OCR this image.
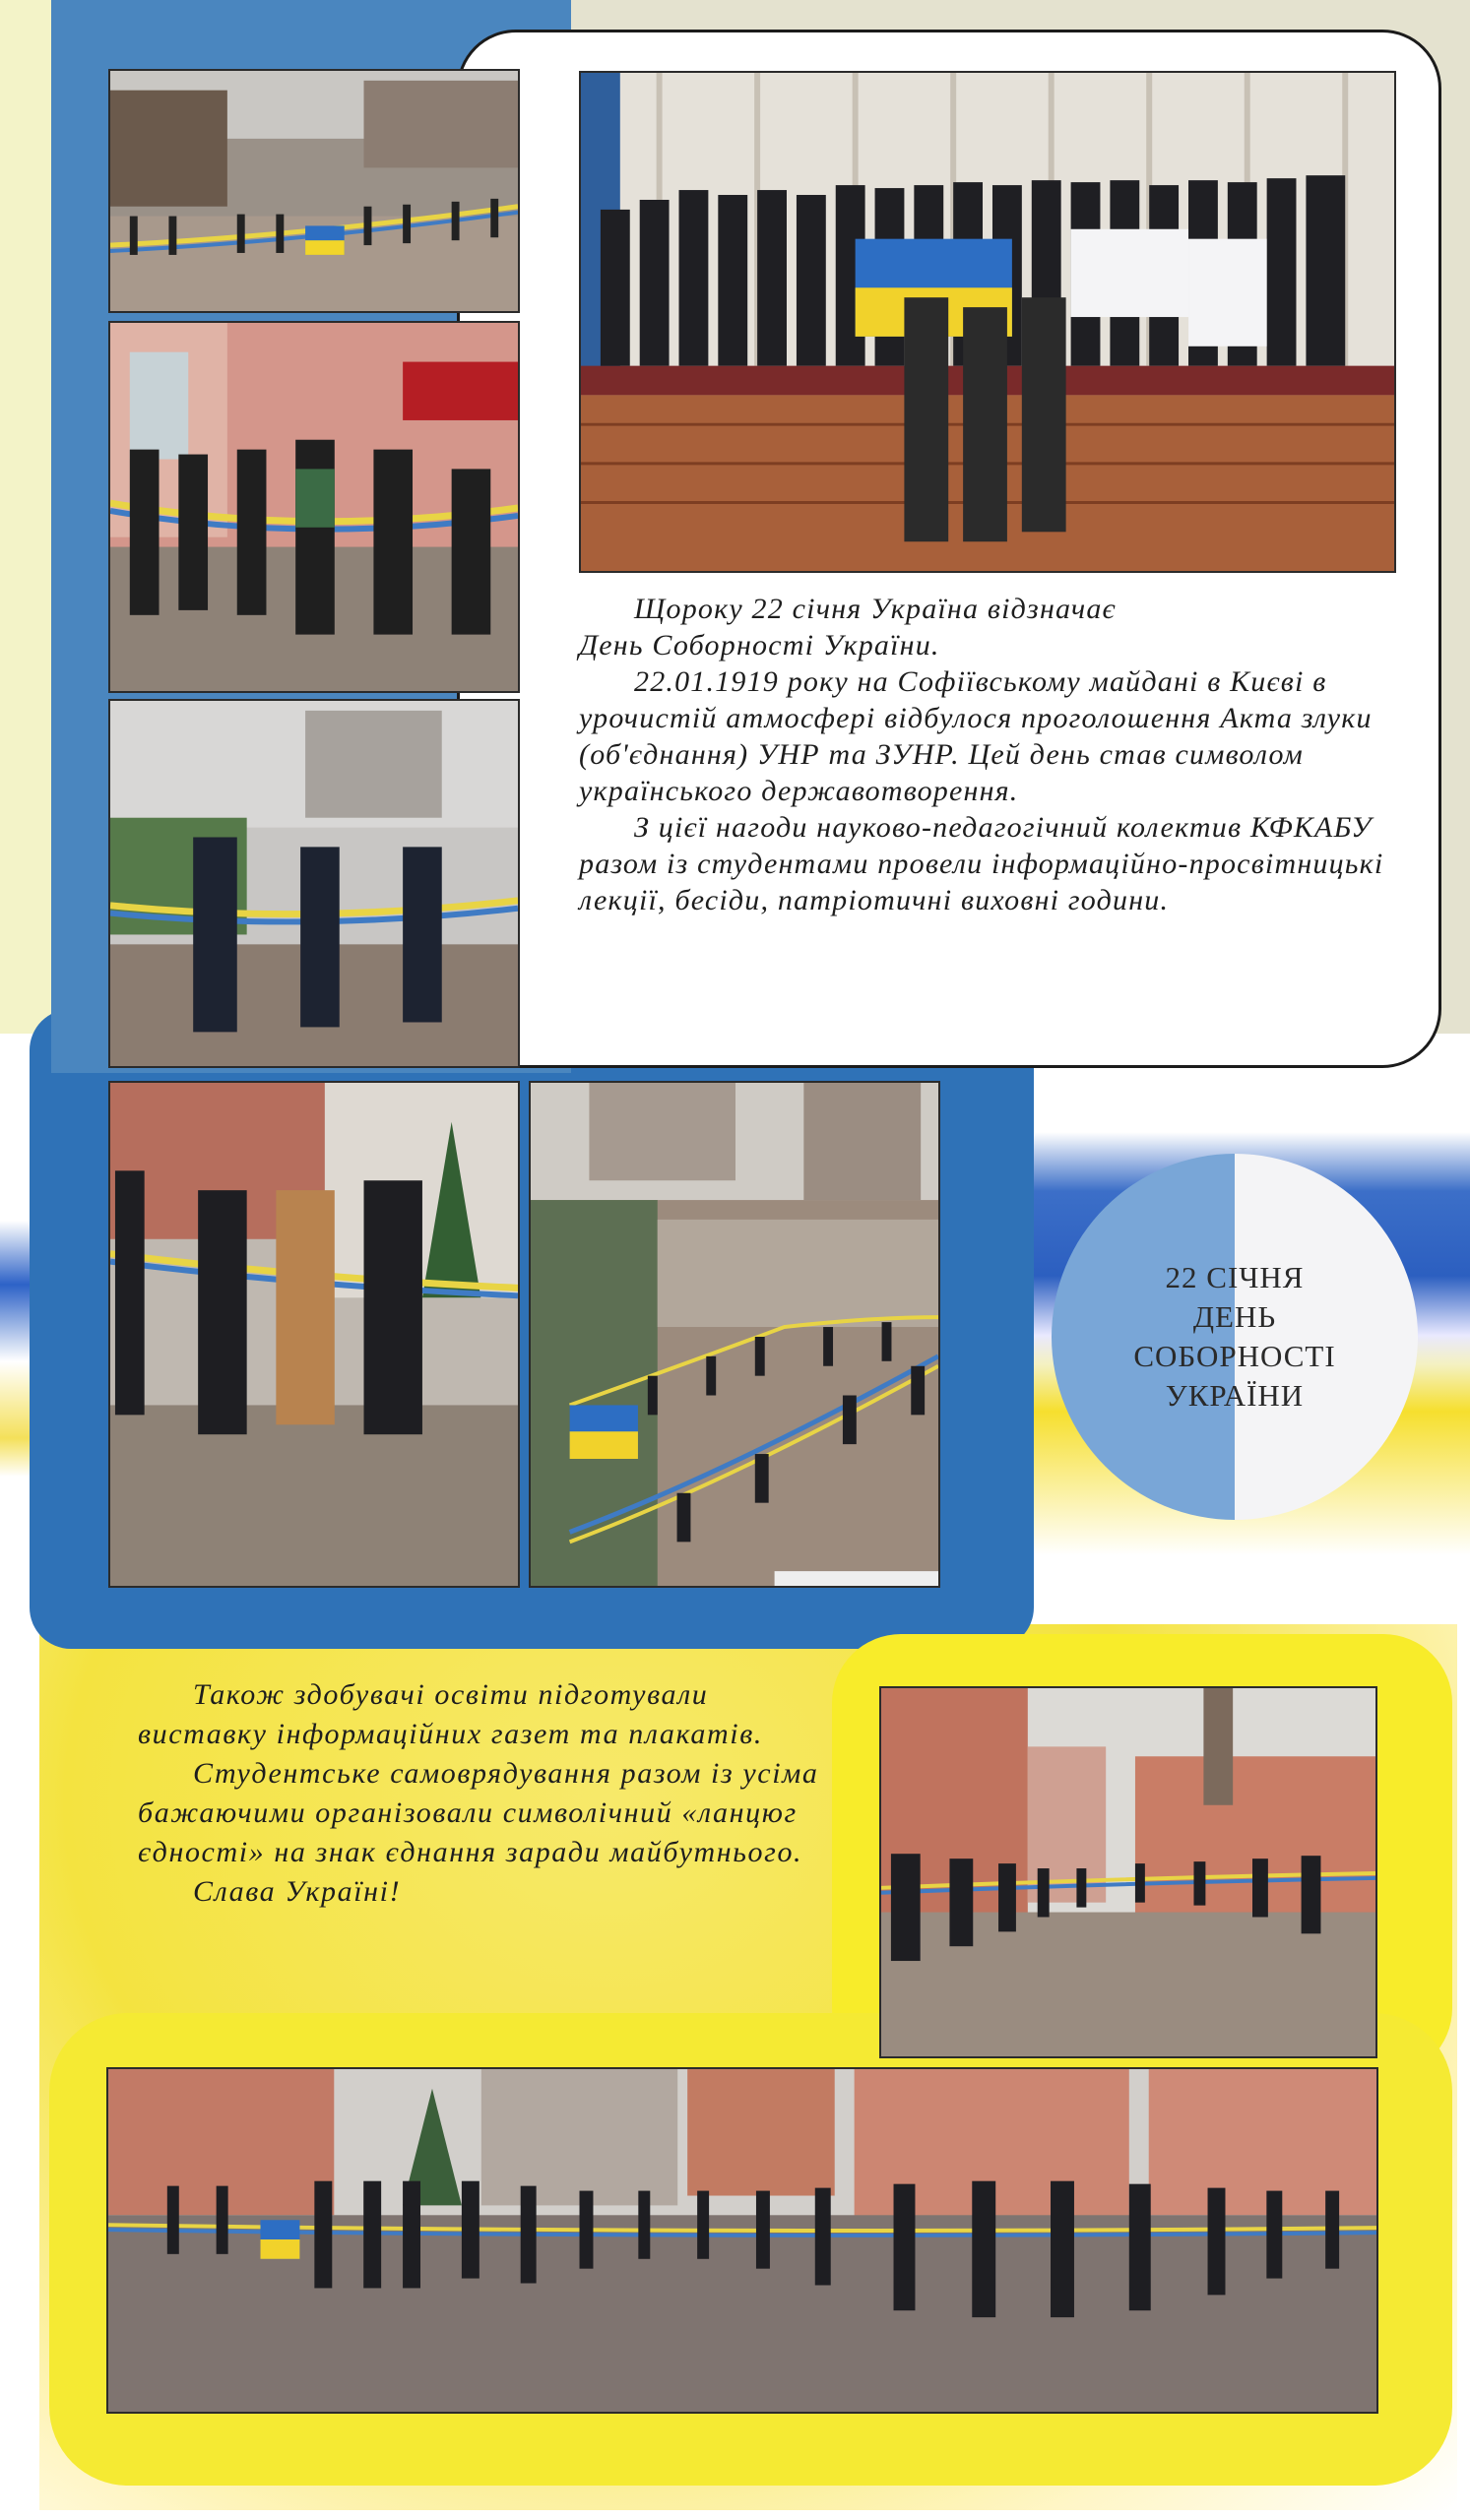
Щороку 22 січня Україна відзначає

День Соборності України.

22.01.1919 року на Софіївському майдані в Києві в урочистій атмосфері відбулося проголошення Акта злуки (об'єднання) УНР та ЗУНР. Цей день став символом українського державотворення.

З цієї нагоди науково-педагогічний колектив КФКАБУ разом із студентами провели інформаційно-просвітницькі лекції, бесіди, патріотичні виховні години.

22 СІЧНЯ
ДЕНЬ
СОБОРНОСТІ
УКРАЇНИ

Також здобувачі освіти підготували виставку інформаційних газет та плакатів.

Студентське самоврядування разом із усіма бажаючими організовали символічний «ланцюг єдності» на знак єднання заради майбутнього.

Слава Україні!
